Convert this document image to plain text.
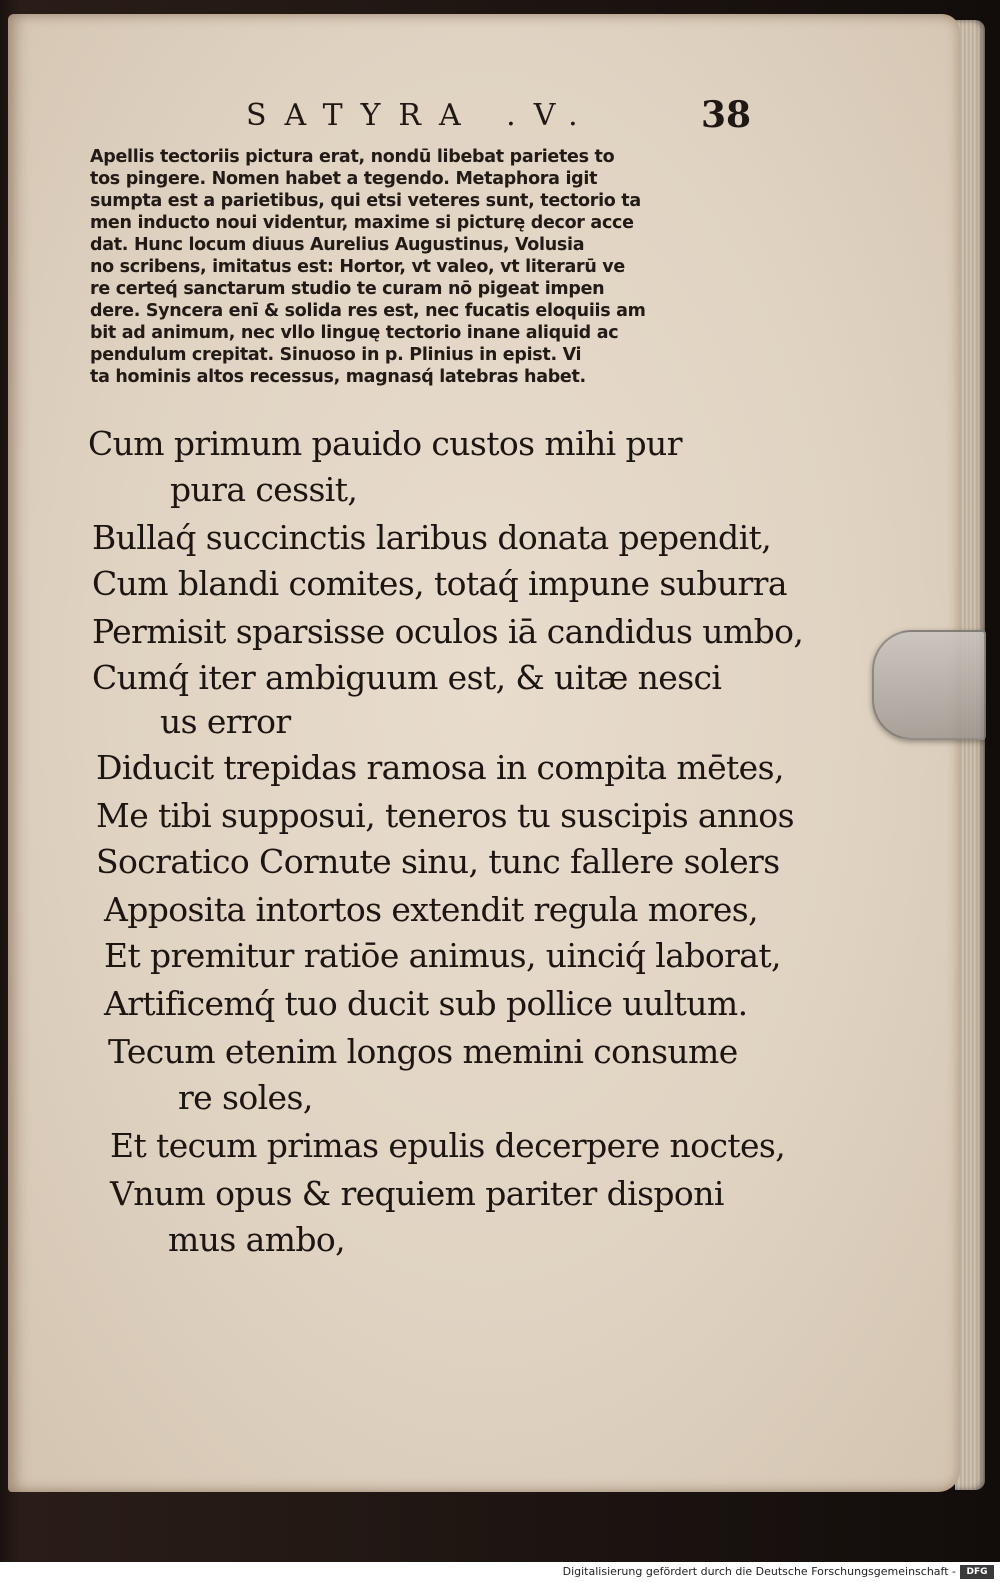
SATYRA .V.	38
Apellis tectoriis pictura erat, nondū libebat parietes to
tos pingere. Nomen habet a tegendo. Metaphora igit
sumpta est a parietibus, qui etsi veteres sunt, tectorio ta
men inducto noui videntur, maxime si picturę decor acce
dat. Hunc locum diuus Aurelius Augustinus, Volusia
no scribens, imitatus est: Hortor, vt valeo, vt literarū ve
re certeq́ sanctarum studio te curam nō pigeat impen
dere. Syncera enī & solida res est, nec fucatis eloquiis am
bit ad animum, nec vllo linguę tectorio inane aliquid ac
pendulum crepitat. Sinuoso in p. Plinius in epist. Vi
ta hominis altos recessus, magnasq́ latebras habet.
Cum primum pauido custos mihi pur
pura cessit,
Bullaq́ succinctis laribus donata pependit,
Cum blandi comites, totaq́ impune suburra
Permisit sparsisse oculos iā candidus umbo,
Cumq́ iter ambiguum est, & uitæ nesci
us error
Diducit trepidas ramosa in compita mētes,
Me tibi supposui, teneros tu suscipis annos
Socratico Cornute sinu, tunc fallere solers
Apposita intortos extendit regula mores,
Et premitur ratiōe animus, uinciq́ laborat,
Artificemq́ tuo ducit sub pollice uultum.
Tecum etenim longos memini consume
re soles,
Et tecum primas epulis decerpere noctes,
Vnum opus & requiem pariter disponi
mus ambo,
Digitalisierung gefördert durch die Deutsche Forschungsgemeinschaft -	DFG
